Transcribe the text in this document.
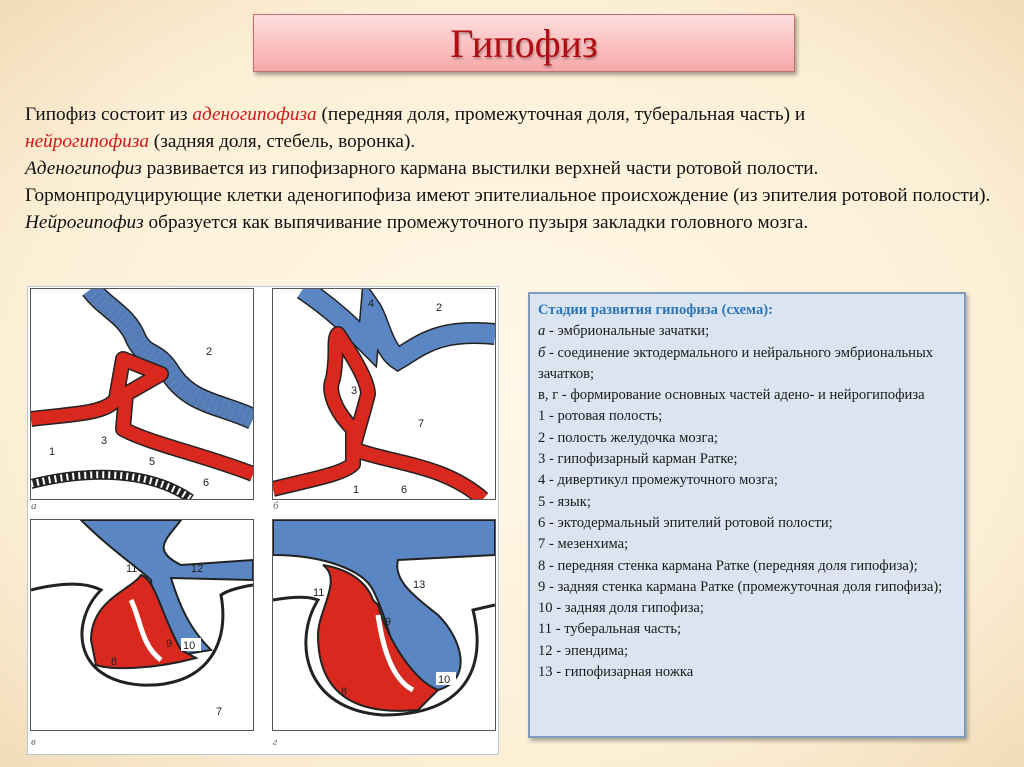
Гипофиз

Гипофиз состоит из аденогипофиза (передняя доля, промежуточная доля, туберальная часть) и
нейрогипофиза (задняя доля, стебель, воронка).

Аденогипофиз развивается из гипофизарного кармана выстилки верхней части ротовой полости.

Гормонпродуцирующие клетки аденогипофиза имеют эпителиальное происхождение (из эпителия ротовой полости).

Нейрогипофиз образуется как выпячивание промежуточного пузыря закладки головного мозга.

2
3
1
5
6
а
3
4	2
7
1	6
б
10
11	12
8
9
7
в
10
11
13
8
9
г
Стадии развития гипофиза (схема):
а - эмбриональные зачатки;
б - соединение эктодермального и нейрального эмбриональных зачатков;
в, г - формирование основных частей адено- и нейрогипофиза
1 - ротовая полость;
2 - полость желудочка мозга;
3 - гипофизарный карман Ратке;
4 - дивертикул промежуточного мозга;
5 - язык;
6 - эктодермальный эпителий ротовой полости;
7 - мезенхима;
8 - передняя стенка кармана Ратке (передняя доля гипофиза);
9 - задняя стенка кармана Ратке (промежуточная доля гипофиза);
10 - задняя доля гипофиза;
11 - туберальная часть;
12 - эпендима;
13 - гипофизарная ножка
